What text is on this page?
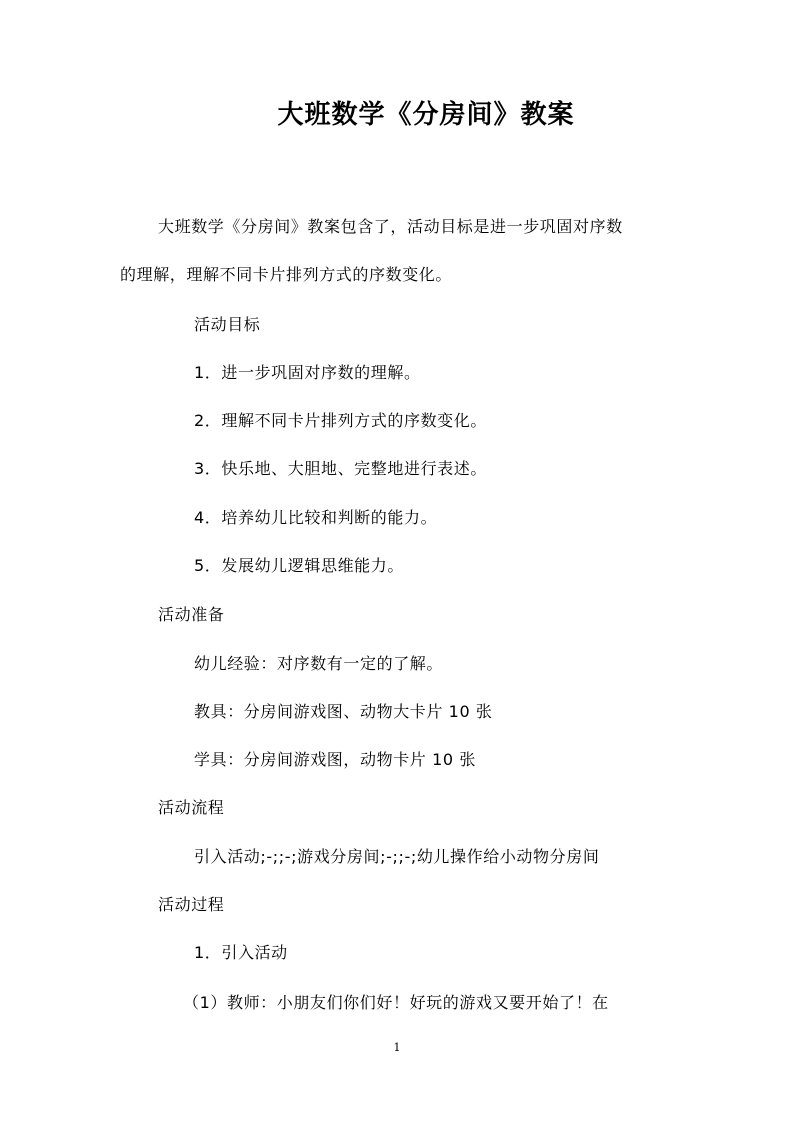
大班数学《分房间》教案
大班数学《分房间》教案包含了，活动目标是进一步巩固对序数
的理解，理解不同卡片排列方式的序数变化。
活动目标
1．进一步巩固对序数的理解。
2．理解不同卡片排列方式的序数变化。
3．快乐地、大胆地、完整地进行表述。
4．培养幼儿比较和判断的能力。
5．发展幼儿逻辑思维能力。
活动准备
幼儿经验：对序数有一定的了解。
教具：分房间游戏图、动物大卡片 10 张
学具：分房间游戏图，动物卡片 10 张
活动流程
引入活动;-;;-;游戏分房间;-;;-;幼儿操作给小动物分房间
活动过程
1．引入活动
（1）教师：小朋友们你们好！好玩的游戏又要开始了！在
1
